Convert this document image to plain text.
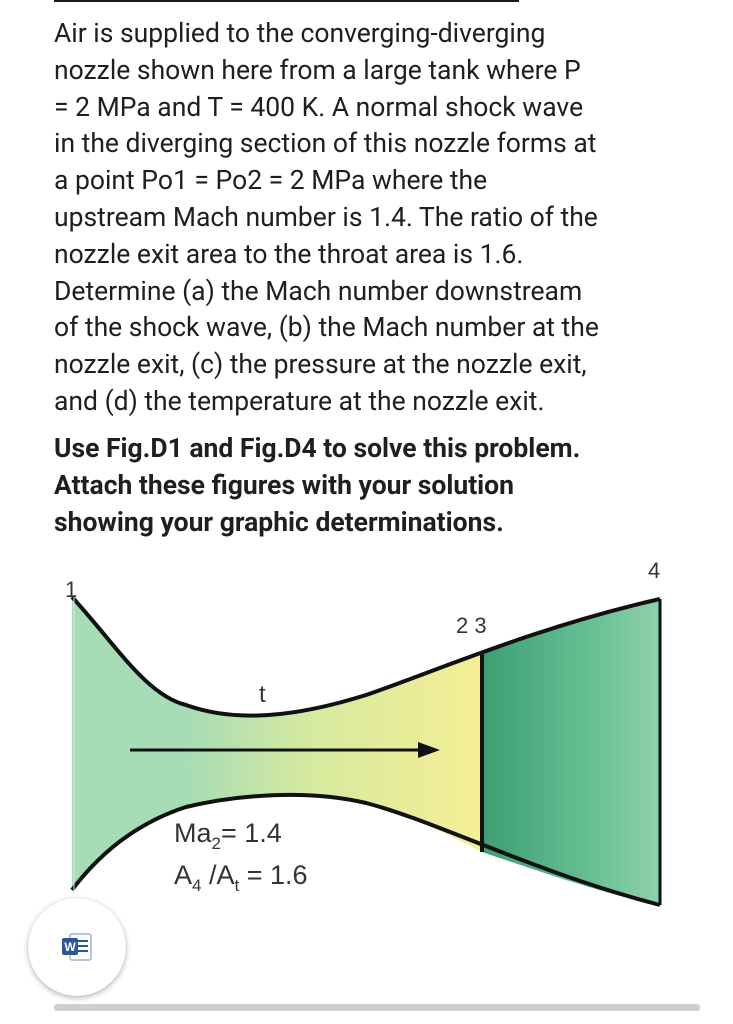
Air is supplied to the converging-diverging
nozzle shown here from a large tank where P
= 2 MPa and T = 400 K. A normal shock wave
in the diverging section of this nozzle forms at
a point Po1 = Po2 = 2 MPa where the
upstream Mach number is 1.4. The ratio of the
nozzle exit area to the throat area is 1.6.
Determine (a) the Mach number downstream
of the shock wave, (b) the Mach number at the
nozzle exit, (c) the pressure at the nozzle exit,
and (d) the temperature at the nozzle exit.
Use Fig.D1 and Fig.D4 to solve this problem.
Attach these figures with your solution
showing your graphic determinations.
1
2 3
4
t
$Ma_2= 1.4$
$A_4$ $/A_t = 1.6$
W
